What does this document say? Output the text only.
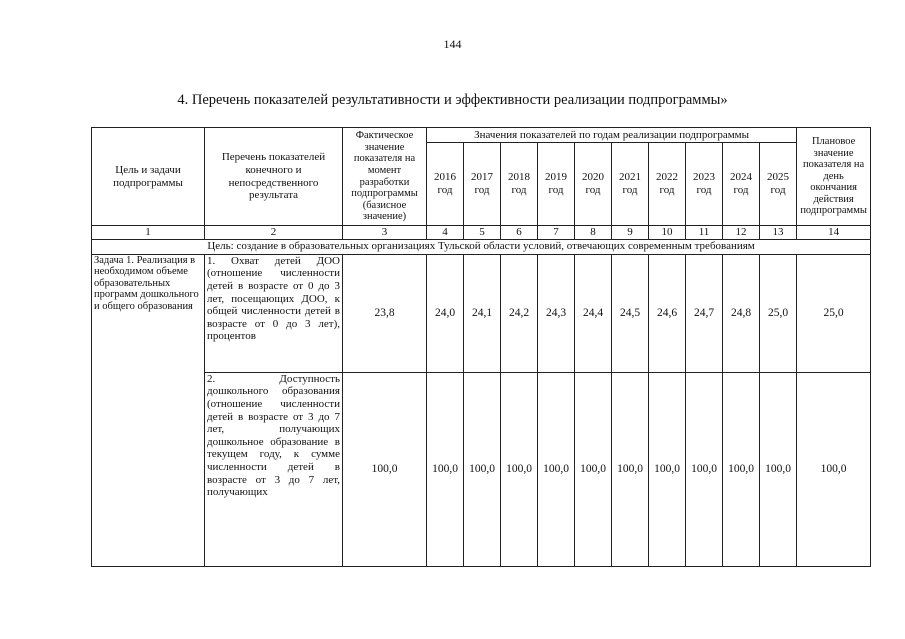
144
4. Перечень показателей результативности и эффективности реализации подпрограммы»
Цель и задачи подпрограммы	Перечень показателей конечного и непосредственного результата	Фактическое значение показателя на момент разработки подпрограммы (базисное значение)	Значения показателей по годам реализации подпрограммы										Плановое значение показателя на день окончания действия подпрограммы
			2016 год	2017 год	2018 год	2019 год	2020 год	2021 год	2022 год	2023 год	2024 год	2025 год	
1	2	3	4	5	6	7	8	9	10	11	12	13	14
Цель: создание в образовательных организациях Тульской области условий, отвечающих современным требованиям													
Задача 1. Реализация в необходимом объеме образовательных программ дошкольного и общего образования	1. Охват детей ДОО (отношение численности детей в возрасте от 0 до 3 лет, посещающих ДОО, к общей численности детей в возрасте от 0 до 3 лет), процентов	23,8	24,0	24,1	24,2	24,3	24,4	24,5	24,6	24,7	24,8	25,0	25,0
	2. Доступность дошкольного образования (отношение численности детей в возрасте от 3 до 7 лет, получающих дошкольное образование в текущем году, к сумме численности детей в возрасте от 3 до 7 лет, получающих	100,0	100,0	100,0	100,0	100,0	100,0	100,0	100,0	100,0	100,0	100,0	100,0
